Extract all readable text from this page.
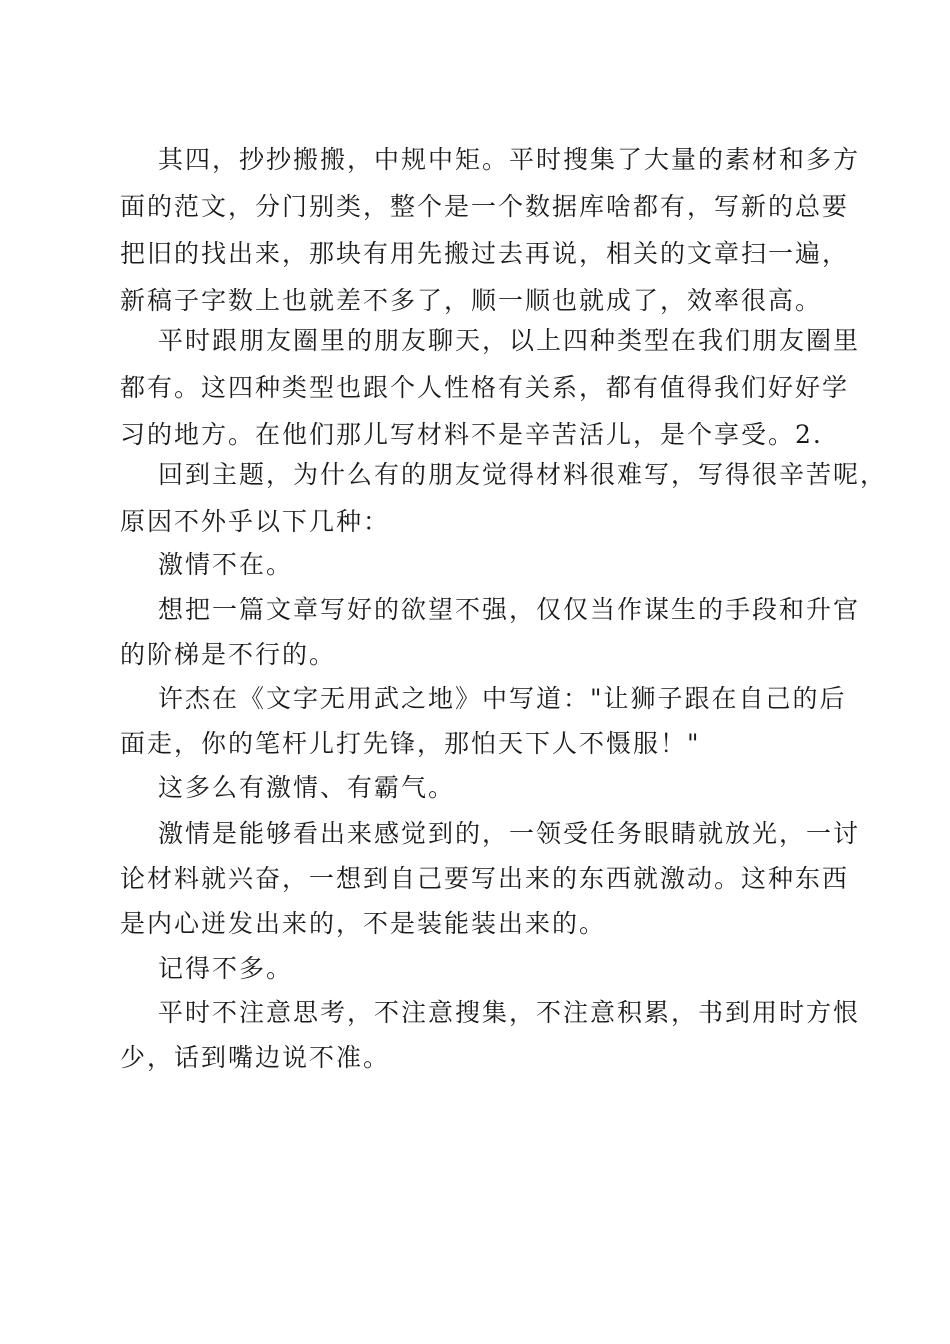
其四，抄抄搬搬，中规中矩。平时搜集了大量的素材和多方
面的范文，分门别类，整个是一个数据库啥都有，写新的总要
把旧的找出来，那块有用先搬过去再说，相关的文章扫一遍，
新稿子字数上也就差不多了，顺一顺也就成了，效率很高。
平时跟朋友圈里的朋友聊天，以上四种类型在我们朋友圈里
都有。这四种类型也跟个人性格有关系，都有值得我们好好学
习的地方。在他们那儿写材料不是辛苦活儿，是个享受。2.
回到主题，为什么有的朋友觉得材料很难写，写得很辛苦呢，
原因不外乎以下几种：
激情不在。
想把一篇文章写好的欲望不强，仅仅当作谋生的手段和升官
的阶梯是不行的。
许杰在《文字无用武之地》中写道："让狮子跟在自己的后
面走，你的笔杆儿打先锋，那怕天下人不慑服！"
这多么有激情、有霸气。
激情是能够看出来感觉到的，一领受任务眼睛就放光，一讨
论材料就兴奋，一想到自己要写出来的东西就激动。这种东西
是内心迸发出来的，不是装能装出来的。
记得不多。
平时不注意思考，不注意搜集，不注意积累，书到用时方恨
少，话到嘴边说不准。
